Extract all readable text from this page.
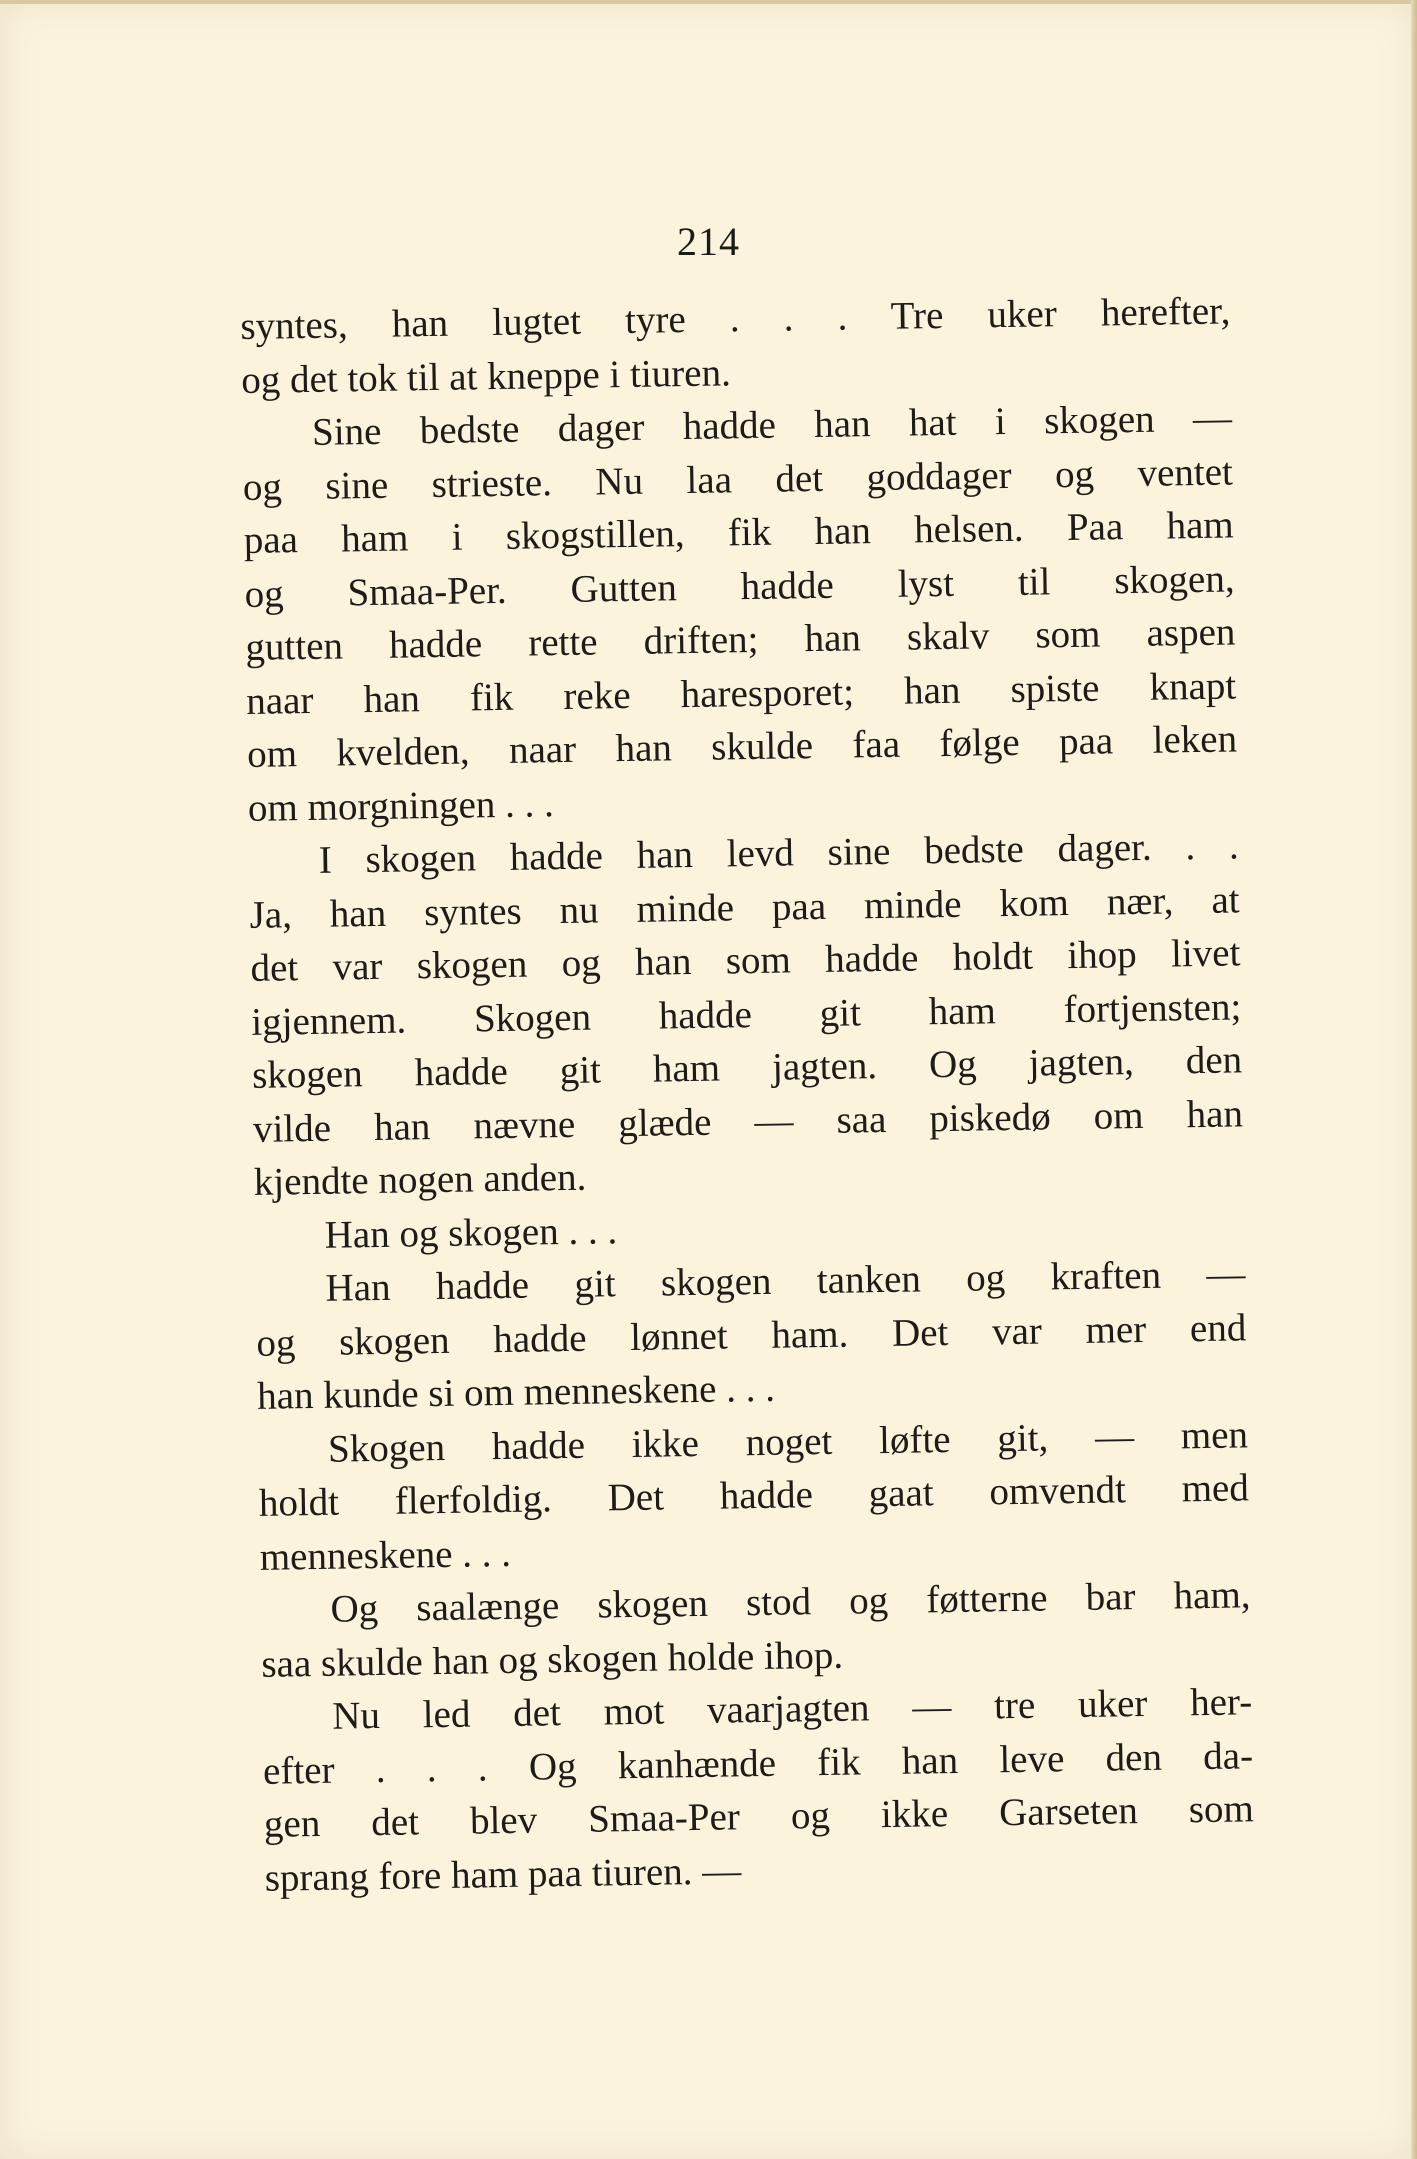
214
syntes, han lugtet tyre . . . Tre uker herefter,
og det tok til at kneppe i tiuren.
Sine bedste dager hadde han hat i skogen —
og sine strieste. Nu laa det goddager og ventet
paa ham i skogstillen, fik han helsen. Paa ham
og Smaa-Per. Gutten hadde lyst til skogen,
gutten hadde rette driften; han skalv som aspen
naar han fik reke haresporet; han spiste knapt
om kvelden, naar han skulde faa følge paa leken
om morgningen . . .
I skogen hadde han levd sine bedste dager. . .
Ja, han syntes nu minde paa minde kom nær, at
det var skogen og han som hadde holdt ihop livet
igjennem. Skogen hadde git ham fortjensten;
skogen hadde git ham jagten. Og jagten, den
vilde han nævne glæde — saa piskedø om han
kjendte nogen anden.
Han og skogen . . .
Han hadde git skogen tanken og kraften —
og skogen hadde lønnet ham. Det var mer end
han kunde si om menneskene . . .
Skogen hadde ikke noget løfte git, — men
holdt flerfoldig. Det hadde gaat omvendt med
menneskene . . .
Og saalænge skogen stod og føtterne bar ham,
saa skulde han og skogen holde ihop.
Nu led det mot vaarjagten — tre uker her-
efter . . . Og kanhænde fik han leve den da-
gen det blev Smaa-Per og ikke Garseten som
sprang fore ham paa tiuren. —
